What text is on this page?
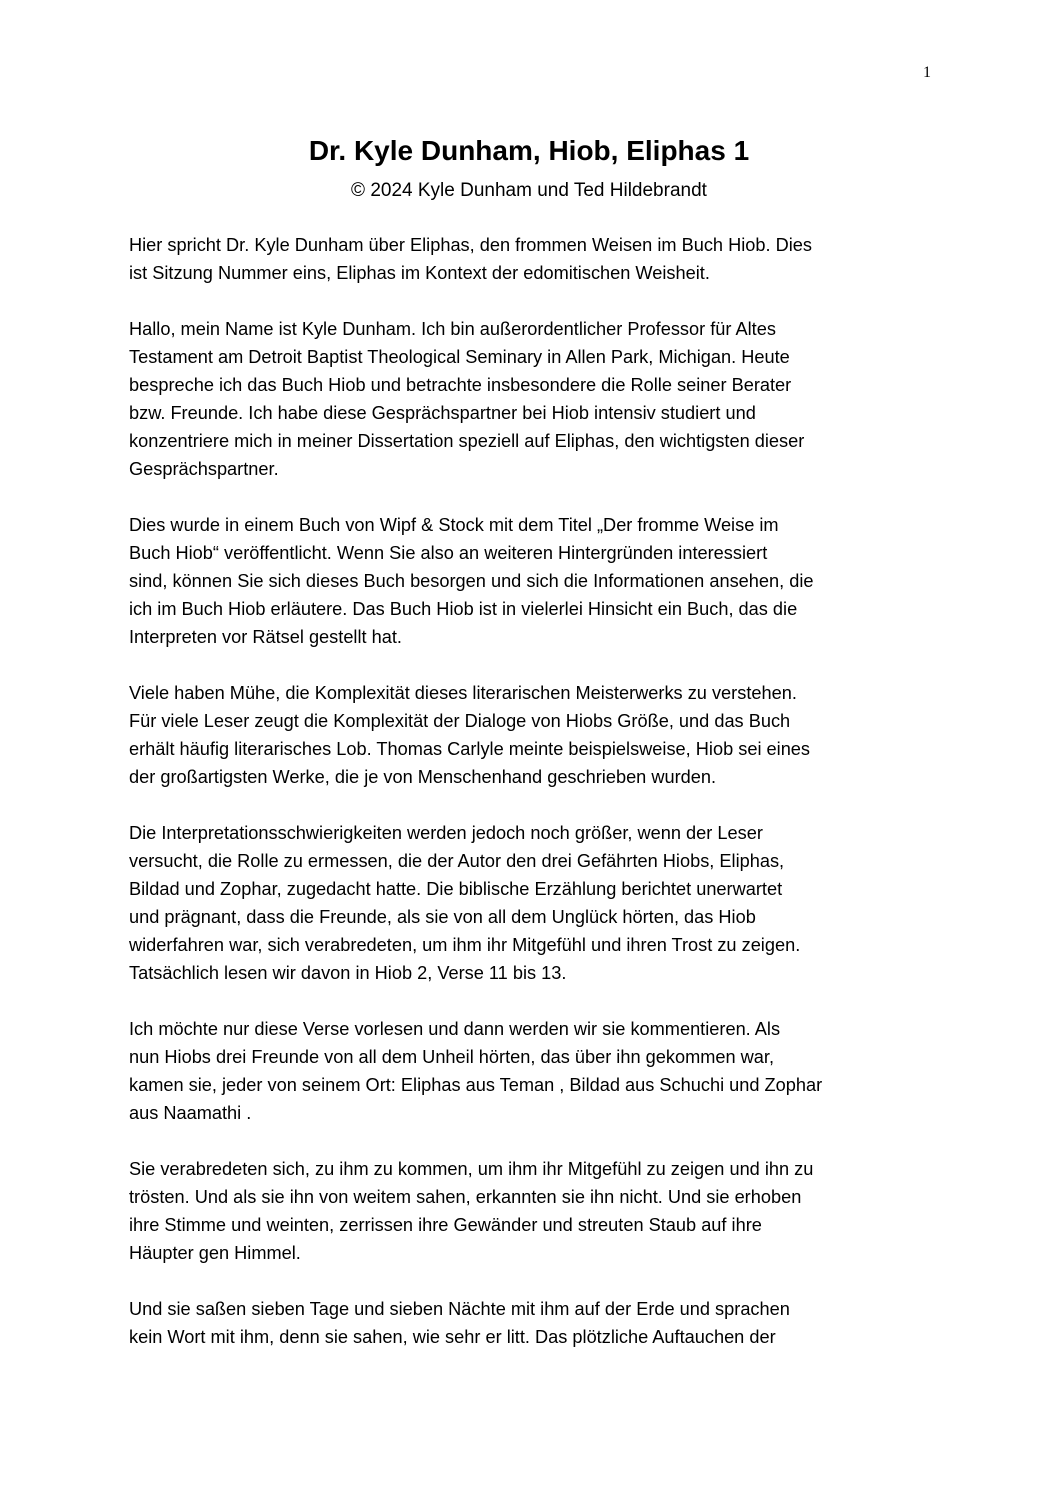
1
Dr. Kyle Dunham, Hiob, Eliphas 1
© 2024 Kyle Dunham und Ted Hildebrandt

Hier spricht Dr. Kyle Dunham über Eliphas, den frommen Weisen im Buch Hiob. Dies
ist Sitzung Nummer eins, Eliphas im Kontext der edomitischen Weisheit.

Hallo, mein Name ist Kyle Dunham. Ich bin außerordentlicher Professor für Altes
Testament am Detroit Baptist Theological Seminary in Allen Park, Michigan. Heute
bespreche ich das Buch Hiob und betrachte insbesondere die Rolle seiner Berater
bzw. Freunde. Ich habe diese Gesprächspartner bei Hiob intensiv studiert und
konzentriere mich in meiner Dissertation speziell auf Eliphas, den wichtigsten dieser
Gesprächspartner.

Dies wurde in einem Buch von Wipf & Stock mit dem Titel „Der fromme Weise im
Buch Hiob“ veröffentlicht. Wenn Sie also an weiteren Hintergründen interessiert
sind, können Sie sich dieses Buch besorgen und sich die Informationen ansehen, die
ich im Buch Hiob erläutere. Das Buch Hiob ist in vielerlei Hinsicht ein Buch, das die
Interpreten vor Rätsel gestellt hat.

Viele haben Mühe, die Komplexität dieses literarischen Meisterwerks zu verstehen.
Für viele Leser zeugt die Komplexität der Dialoge von Hiobs Größe, und das Buch
erhält häufig literarisches Lob. Thomas Carlyle meinte beispielsweise, Hiob sei eines
der großartigsten Werke, die je von Menschenhand geschrieben wurden.

Die Interpretationsschwierigkeiten werden jedoch noch größer, wenn der Leser
versucht, die Rolle zu ermessen, die der Autor den drei Gefährten Hiobs, Eliphas,
Bildad und Zophar, zugedacht hatte. Die biblische Erzählung berichtet unerwartet
und prägnant, dass die Freunde, als sie von all dem Unglück hörten, das Hiob
widerfahren war, sich verabredeten, um ihm ihr Mitgefühl und ihren Trost zu zeigen.
Tatsächlich lesen wir davon in Hiob 2, Verse 11 bis 13.

Ich möchte nur diese Verse vorlesen und dann werden wir sie kommentieren. Als
nun Hiobs drei Freunde von all dem Unheil hörten, das über ihn gekommen war,
kamen sie, jeder von seinem Ort: Eliphas aus Teman , Bildad aus Schuchi und Zophar
aus Naamathi .

Sie verabredeten sich, zu ihm zu kommen, um ihm ihr Mitgefühl zu zeigen und ihn zu
trösten. Und als sie ihn von weitem sahen, erkannten sie ihn nicht. Und sie erhoben
ihre Stimme und weinten, zerrissen ihre Gewänder und streuten Staub auf ihre
Häupter gen Himmel.

Und sie saßen sieben Tage und sieben Nächte mit ihm auf der Erde und sprachen
kein Wort mit ihm, denn sie sahen, wie sehr er litt. Das plötzliche Auftauchen der
